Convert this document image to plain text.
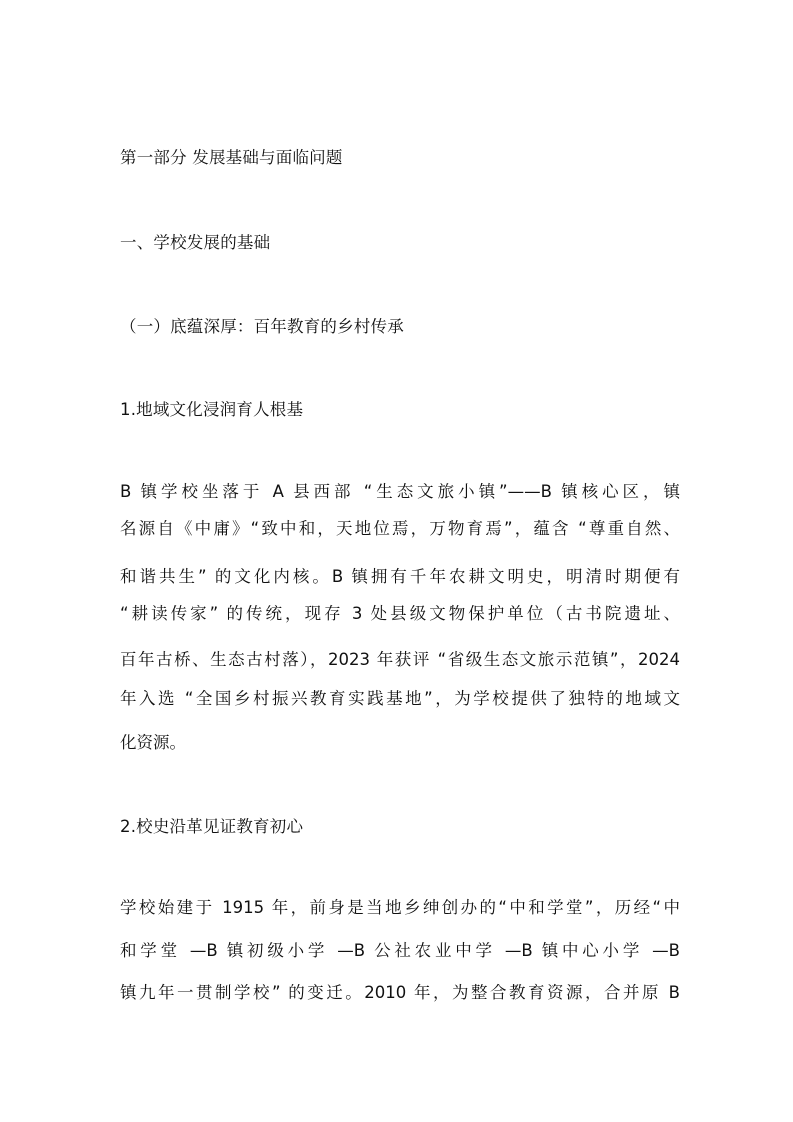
第一部分 发展基础与面临问题
一、学校发展的基础
（一）底蕴深厚：百年教育的乡村传承
1.地域文化浸润育人根基
B 镇学校坐落于 A 县西部 “生态文旅小镇”——B 镇核心区，镇
名源自《中庸》“致中和，天地位焉，万物育焉”，蕴含 “尊重自然、
和谐共生” 的文化内核。B 镇拥有千年农耕文明史，明清时期便有
“耕读传家” 的传统，现存 3 处县级文物保护单位（古书院遗址、
百年古桥、生态古村落），2023 年获评 “省级生态文旅示范镇”，2024
年入选 “全国乡村振兴教育实践基地”，为学校提供了独特的地域文
化资源。
2.校史沿革见证教育初心
学校始建于 1915 年，前身是当地乡绅创办的“中和学堂”，历经“中
和学堂 —B 镇初级小学 —B 公社农业中学 —B 镇中心小学 —B
镇九年一贯制学校” 的变迁。2010 年，为整合教育资源，合并原 B
